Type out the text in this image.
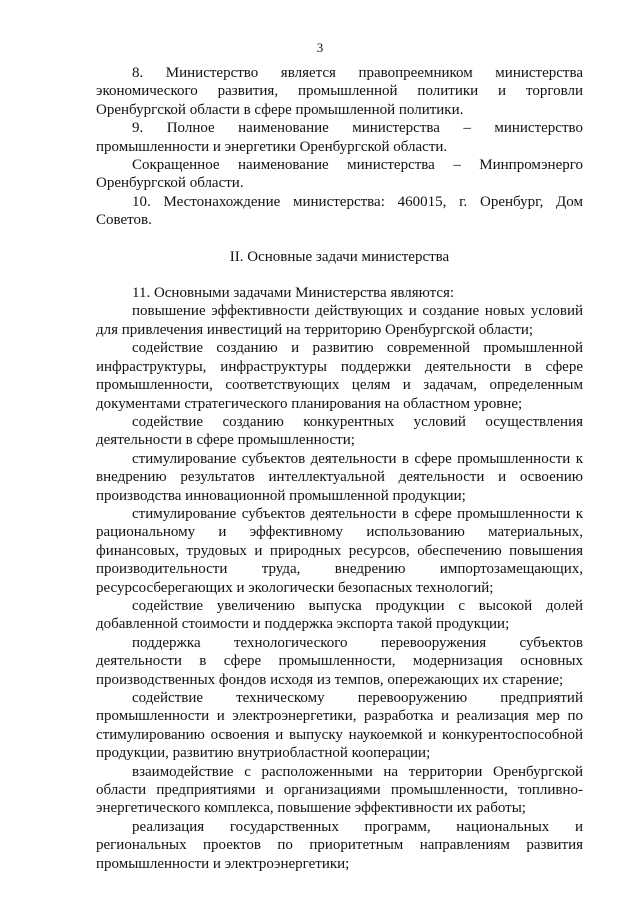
3

8. Министерство является правопреемником министерства экономического развития, промышленной политики и торговли Оренбургской области в сфере промышленной политики.

9. Полное наименование министерства – министерство промышленности и энергетики Оренбургской области.

Сокращенное наименование министерства – Минпромэнерго Оренбургской области.

10. Местонахождение министерства: 460015, г. Оренбург, Дом Советов.

II. Основные задачи министерства

11. Основными задачами Министерства являются:

повышение эффективности действующих и создание новых условий для привлечения инвестиций на территорию Оренбургской области;

содействие созданию и развитию современной промышленной инфраструктуры, инфраструктуры поддержки деятельности в сфере промышленности, соответствующих целям и задачам, определенным документами стратегического планирования на областном уровне;

содействие созданию конкурентных условий осуществления деятельности в сфере промышленности;

стимулирование субъектов деятельности в сфере промышленности к внедрению результатов интеллектуальной деятельности и освоению производства инновационной промышленной продукции;

стимулирование субъектов деятельности в сфере промышленности к рациональному и эффективному использованию материальных, финансовых, трудовых и природных ресурсов, обеспечению повышения производительности труда, внедрению импортозамещающих, ресурсосберегающих и экологически безопасных технологий;

содействие увеличению выпуска продукции с высокой долей добавленной стоимости и поддержка экспорта такой продукции;

поддержка технологического перевооружения субъектов деятельности в сфере промышленности, модернизация основных производственных фондов исходя из темпов, опережающих их старение;

содействие техническому перевооружению предприятий промышленности и электроэнергетики, разработка и реализация мер по стимулированию освоения и выпуску наукоемкой и конкурентоспособной продукции, развитию внутриобластной кооперации;

взаимодействие с расположенными на территории Оренбургской области предприятиями и организациями промышленности, топливно-энергетического комплекса, повышение эффективности их работы;

реализация государственных программ, национальных и региональных проектов по приоритетным направлениям развития промышленности и электроэнергетики;
